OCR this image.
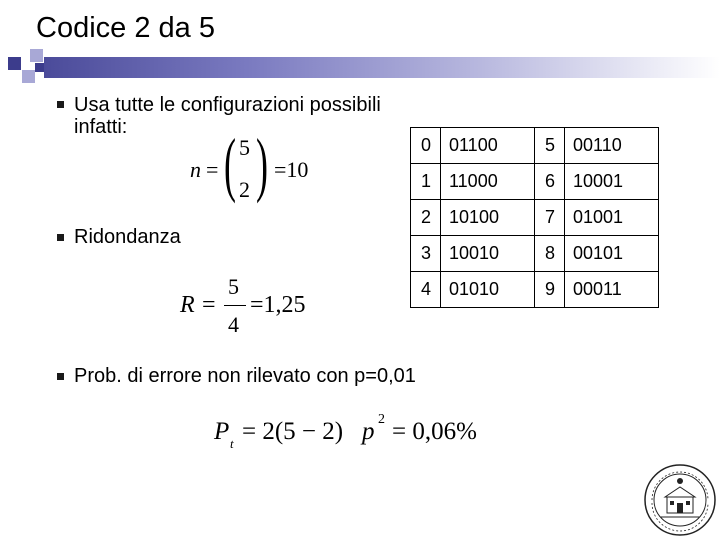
Codice 2 da 5
Usa tutte le configurazioni possibili
infatti:
n = ( 5
2 ) =10
Ridondanza
R =
5
4
=1,25
0	01100	5	00110
1	11000	6	10001
2	10100	7	01001
3	10010	8	00101
4	01010	9	00011
Prob. di errore non rilevato con p=0,01
P t = 2(5 − 2) p 2 = 0,06%
